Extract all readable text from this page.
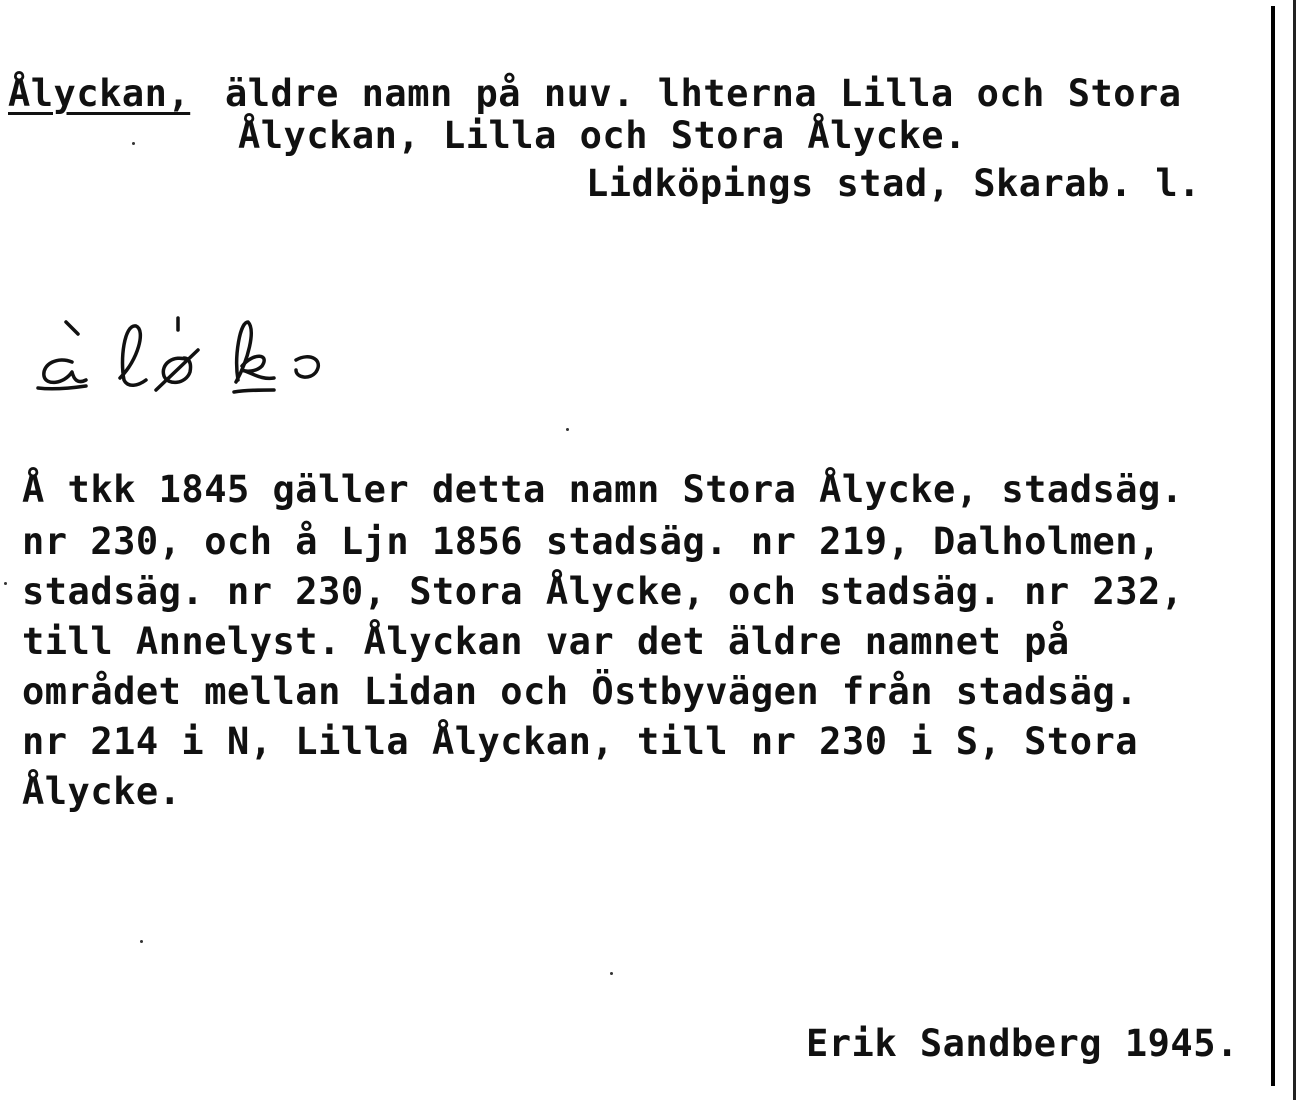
Ålyckan, äldre namn på nuv. lhterna Lilla och Stora
Ålyckan, Lilla och Stora Ålycke.
Lidköpings stad, Skarab. l.
Å tkk 1845 gäller detta namn Stora Ålycke, stadsäg.
nr 230, och å Ljn 1856 stadsäg. nr 219, Dalholmen,
stadsäg. nr 230, Stora Ålycke, och stadsäg. nr 232,
till Annelyst. Ålyckan var det äldre namnet på
området mellan Lidan och Östbyvägen från stadsäg.
nr 214 i N, Lilla Ålyckan, till nr 230 i S, Stora
Ålycke.
Erik Sandberg 1945.
